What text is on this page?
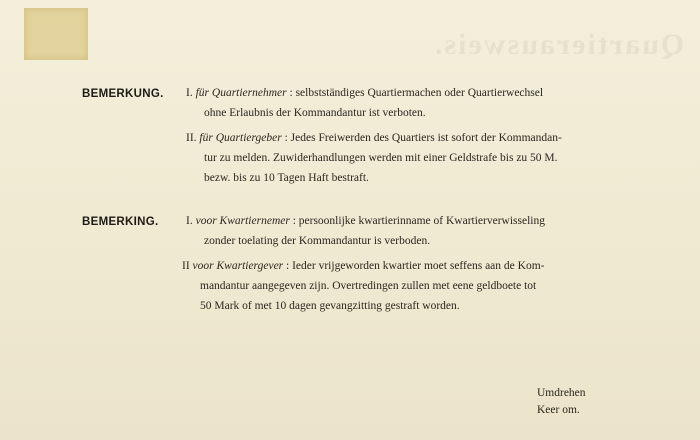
Quartierausweis.
BEMERKUNG. I. für Quartiernehmer : selbstständiges Quartiermachen oder Quartierwechsel
ohne Erlaubnis der Kommandantur ist verboten.
II. für Quartiergeber : Jedes Freiwerden des Quartiers ist sofort der Kommandan-
tur zu melden. Zuwiderhandlungen werden mit einer Geldstrafe bis zu 50 M.
bezw. bis zu 10 Tagen Haft bestraft.
BEMERKING. I. voor Kwartiernemer : persoonlijke kwartierinname of Kwartierverwisseling
zonder toelating der Kommandantur is verboden.
II voor Kwartiergever : Ieder vrijgeworden kwartier moet seffens aan de Kom-
mandantur aangegeven zijn. Overtredingen zullen met eene geldboete tot
50 Mark of met 10 dagen gevangzitting gestraft worden.
Umdrehen
Keer om.
